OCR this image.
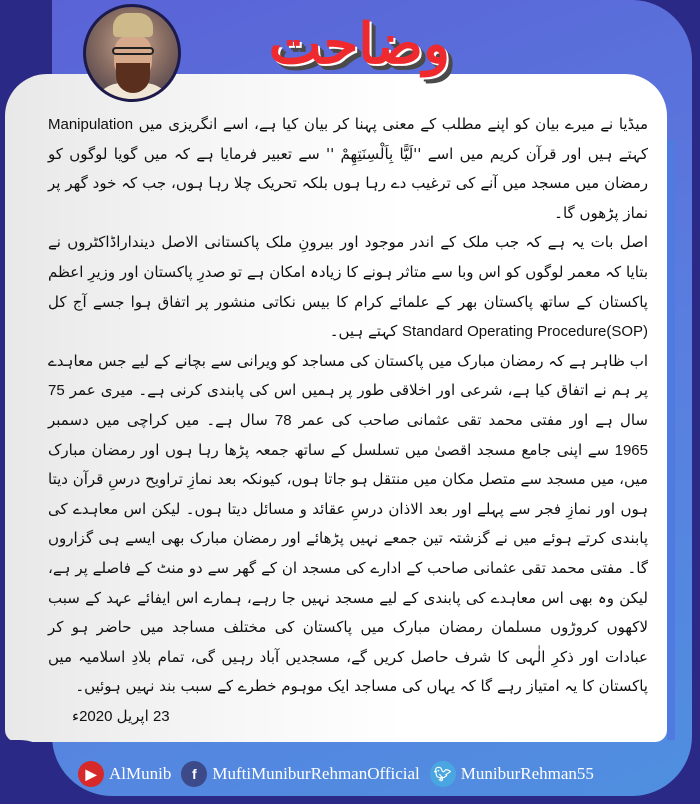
وضاحت

میڈیا نے میرے بیان کو اپنے مطلب کے معنی پہنا کر بیان کیا ہے، اسے انگریزی میں Manipulation کہتے ہیں اور قرآن کریم میں اسے ''لَیًّا بِاَلْسِنَتِهِمْ '' سے تعبیر فرمایا ہے کہ میں گویا لوگوں کو رمضان میں مسجد میں آنے کی ترغیب دے رہا ہوں بلکہ تحریک چلا رہا ہوں، جب کہ خود گھر پر نماز پڑھوں گا۔

اصل بات یہ ہے کہ جب ملک کے اندر موجود اور بیرونِ ملک پاکستانی الاصل دینداراڈاکٹروں نے بتایا کہ معمر لوگوں کو اس وبا سے متاثر ہونے کا زیادہ امکان ہے تو صدرِ پاکستان اور وزیرِ اعظم پاکستان کے ساتھ پاکستان بھر کے علمائے کرام کا بیس نکاتی منشور پر اتفاق ہوا جسے آج کل Standard Operating Procedure(SOP) کہتے ہیں۔

اب ظاہر ہے کہ رمضان مبارک میں پاکستان کی مساجد کو ویرانی سے بچانے کے لیے جس معاہدے پر ہم نے اتفاق کیا ہے، شرعی اور اخلاقی طور پر ہمیں اس کی پابندی کرنی ہے۔ میری عمر 75 سال ہے اور مفتی محمد تقی عثمانی صاحب کی عمر 78 سال ہے۔ میں کراچی میں دسمبر 1965 سے اپنی جامع مسجد اقصیٰ میں تسلسل کے ساتھ جمعہ پڑھا رہا ہوں اور رمضان مبارک میں، میں مسجد سے متصل مکان میں منتقل ہو جاتا ہوں، کیونکہ بعد نمازِ تراویح درسِ قرآن دیتا ہوں اور نمازِ فجر سے پہلے اور بعد الاذان درسِ عقائد و مسائل دیتا ہوں۔ لیکن اس معاہدے کی پابندی کرتے ہوئے میں نے گزشتہ تین جمعے نہیں پڑھائے اور رمضان مبارک بھی ایسے ہی گزاروں گا۔ مفتی محمد تقی عثمانی صاحب کے ادارے کی مسجد ان کے گھر سے دو منٹ کے فاصلے پر ہے، لیکن وہ بھی اس معاہدے کی پابندی کے لیے مسجد نہیں جا رہے، ہمارے اس ایفائے عہد کے سبب لاکھوں کروڑوں مسلمان رمضان مبارک میں پاکستان کی مختلف مساجد میں حاضر ہو کر عبادات اور ذکرِ الٰہی کا شرف حاصل کریں گے، مسجدیں آباد رہیں گی، تمام بلادِ اسلامیہ میں پاکستان کا یہ امتیاز رہے گا کہ یہاں کی مساجد ایک موہوم خطرے کے سبب بند نہیں ہوئیں۔

23 اپریل 2020ء
▶ AlMunib	f MuftiMuniburRehmanOfficial 🐦︎ MuniburRehman55
